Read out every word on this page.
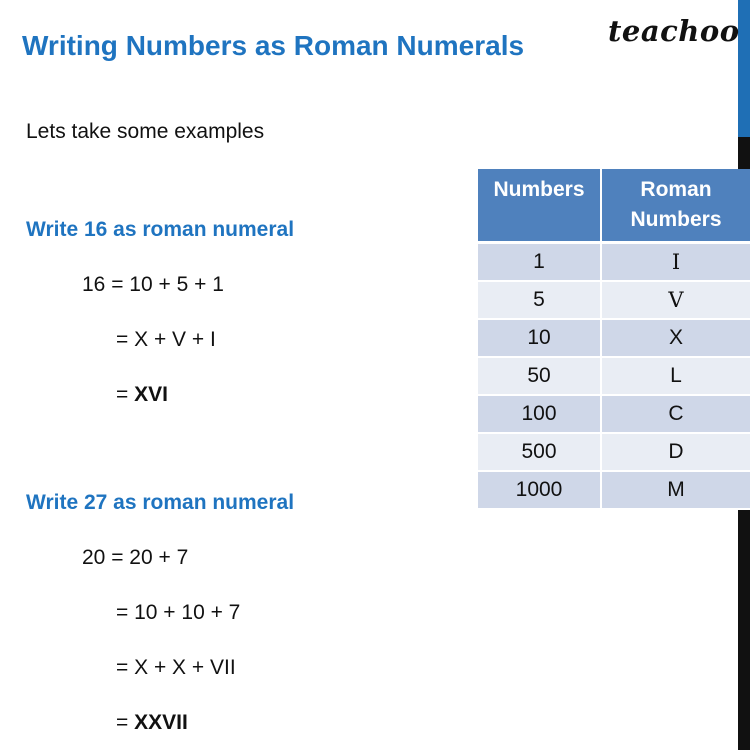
Writing Numbers as Roman Numerals	teachoo

Lets take some examples

Write 16 as roman numeral

16 = 10 + 5 + 1

= X + V + I

= XVI

Write 27 as roman numeral

20 = 20 + 7

= 10 + 10 + 7

= X + X + VII

= XXVII

Numbers	Roman
Numbers
1	I
5	V
10	X
50	L
100	C
500	D
1000	M
